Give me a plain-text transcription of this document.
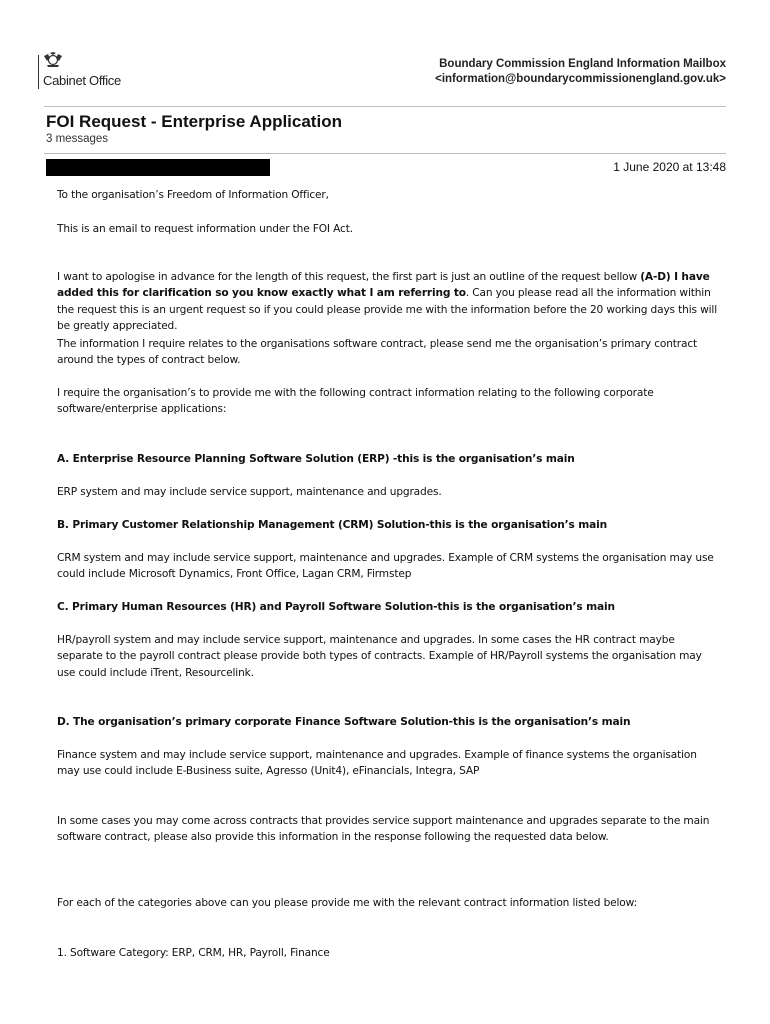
Cabinet Office
Boundary Commission England Information Mailbox
<information@boundarycommissionengland.gov.uk>
FOI Request - Enterprise Application
3 messages
1 June 2020 at 13:48
To the organisation’s Freedom of Information Officer,
This is an email to request information under the FOI Act.
I want to apologise in advance for the length of this request, the first part is just an outline of the request bellow (A-D) I have added this for clarification so you know exactly what I am referring to. Can you please read all the information within the request this is an urgent request so if you could please provide me with the information before the 20 working days this will be greatly appreciated.
The information I require relates to the organisations software contract, please send me the organisation’s primary contract around the types of contract below.
I require the organisation’s to provide me with the following contract information relating to the following corporate software/enterprise applications:
A. Enterprise Resource Planning Software Solution (ERP) -this is the organisation’s main
ERP system and may include service support, maintenance and upgrades.
B. Primary Customer Relationship Management (CRM) Solution-this is the organisation’s main
CRM system and may include service support, maintenance and upgrades. Example of CRM systems the organisation may use could include Microsoft Dynamics, Front Office, Lagan CRM, Firmstep
C. Primary Human Resources (HR) and Payroll Software Solution-this is the organisation’s main
HR/payroll system and may include service support, maintenance and upgrades. In some cases the HR contract maybe separate to the payroll contract please provide both types of contracts. Example of HR/Payroll systems the organisation may use could include iTrent, Resourcelink.
D. The organisation’s primary corporate Finance Software Solution-this is the organisation’s main
Finance system and may include service support, maintenance and upgrades. Example of finance systems the organisation may use could include E-Business suite, Agresso (Unit4), eFinancials, Integra, SAP
In some cases you may come across contracts that provides service support maintenance and upgrades separate to the main software contract, please also provide this information in the response following the requested data below.
For each of the categories above can you please provide me with the relevant contract information listed below:
1. Software Category: ERP, CRM, HR, Payroll, Finance
